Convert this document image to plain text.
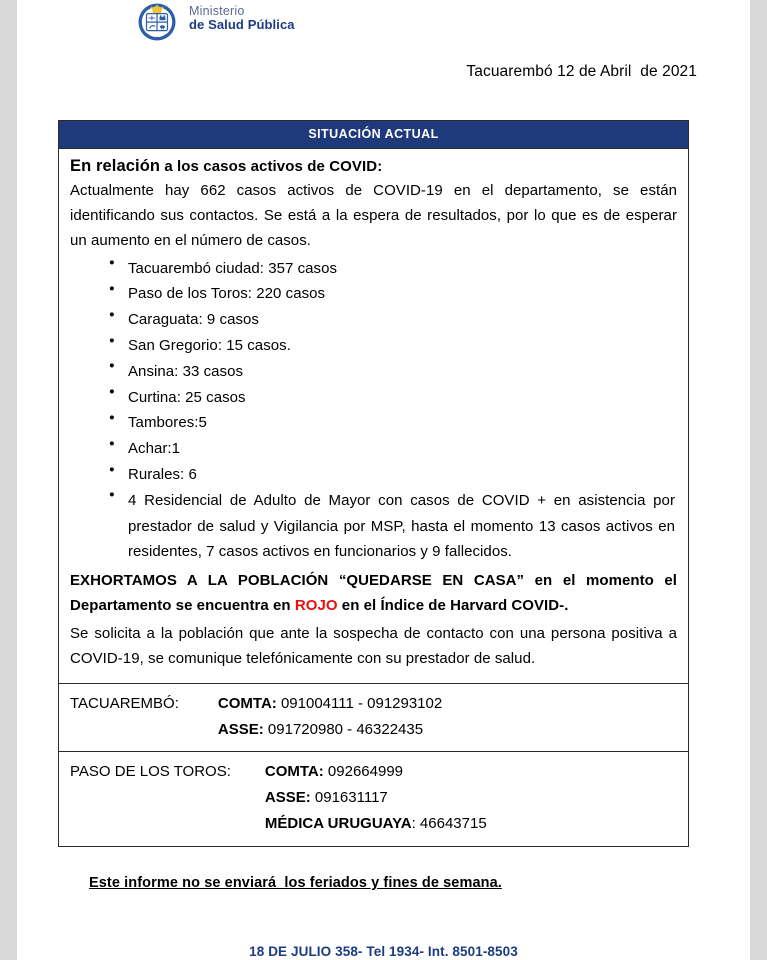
Ministerio
de Salud Pública
Tacuarembó 12 de Abril  de 2021
SITUACIÓN ACTUAL
En relación a los casos activos de COVID:

Actualmente hay 662 casos activos de COVID-19 en el departamento, se están identificando sus contactos. Se está a la espera de resultados, por lo que es de esperar un aumento en el número de casos.

● Tacuarembó ciudad: 357 casos
● Paso de los Toros: 220 casos
● Caraguata: 9 casos
● San Gregorio: 15 casos.
● Ansina: 33 casos
● Curtina: 25 casos
● Tambores:5
● Achar:1
● Rurales: 6
● 4 Residencial de Adulto de Mayor con casos de COVID + en asistencia por prestador de salud y Vigilancia por MSP, hasta el momento 13 casos activos en residentes, 7 casos activos en funcionarios y 9 fallecidos.

EXHORTAMOS A LA POBLACIÓN “QUEDARSE EN CASA” en el momento el Departamento se encuentra en ROJO en el Índice de Harvard COVID-.

Se solicita a la población que ante la sospecha de contacto con una persona positiva a COVID-19, se comunique telefónicamente con su prestador de salud.

TACUAREMBÓ:	COMTA: 091004111 - 091293102
ASSE: 091720980 - 46322435
PASO DE LOS TOROS: COMTA: 092664999
ASSE: 091631117
MÉDICA URUGUAYA: 46643715
Este informe no se enviará  los feriados y fines de semana.
18 DE JULIO 358- Tel 1934- Int. 8501-8503
